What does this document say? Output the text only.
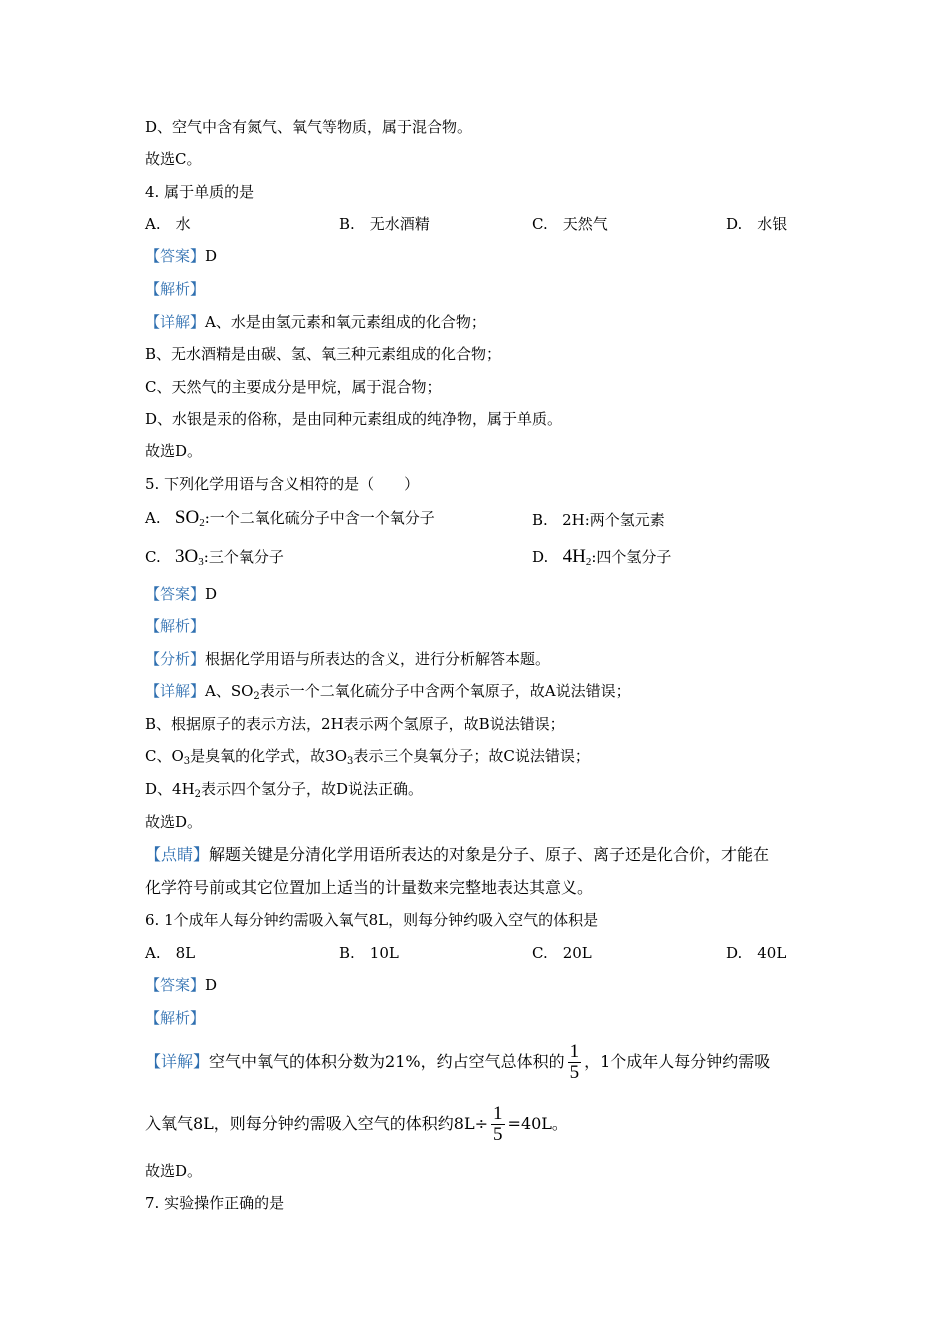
D、空气中含有氮气、氧气等物质，属于混合物。
故选C。
4. 属于单质的是
A.　水	B.　无水酒精	C.　天然气	D.　水银
【答案】D
【解析】
【详解】A、水是由氢元素和氧元素组成的化合物；
B、无水酒精是由碳、氢、氧三种元素组成的化合物；
C、天然气的主要成分是甲烷，属于混合物；
D、水银是汞的俗称，是由同种元素组成的纯净物，属于单质。
故选D。
5. 下列化学用语与含义相符的是（　　）
A. $SO_2$:一个二氧化硫分子中含一个氧分子	B. 2H:两个氢元素
C. $3O_3$:三个氧分子	D. $4H_2$:四个氢分子
【答案】D
【解析】
【分析】根据化学用语与所表达的含义，进行分析解答本题。
【详解】A、$SO_2$表示一个二氧化硫分子中含两个氧原子，故A说法错误；
B、根据原子的表示方法，2H表示两个氢原子，故B说法错误；
C、$O_3$是臭氧的化学式，故$3O_3$表示三个臭氧分子；故C说法错误；
D、$4H_2$表示四个氢分子，故D说法正确。
故选D。
【点睛】解题关键是分清化学用语所表达的对象是分子、原子、离子还是化合价，才能在
化学符号前或其它位置加上适当的计量数来完整地表达其意义。
6. 1个成年人每分钟约需吸入氧气8L，则每分钟约吸入空气的体积是
A.　8L	B.　10L	C.　20L	D.　40L
【答案】D
【解析】
【详解】空气中氧气的体积分数为21%，约占空气总体积的 $\frac{1}{5}$ ，1个成年人每分钟约需吸
入氧气8L，则每分钟约需吸入空气的体积约$8L\div \frac{1}{5} =40L$。
故选D。
7. 实验操作正确的是
